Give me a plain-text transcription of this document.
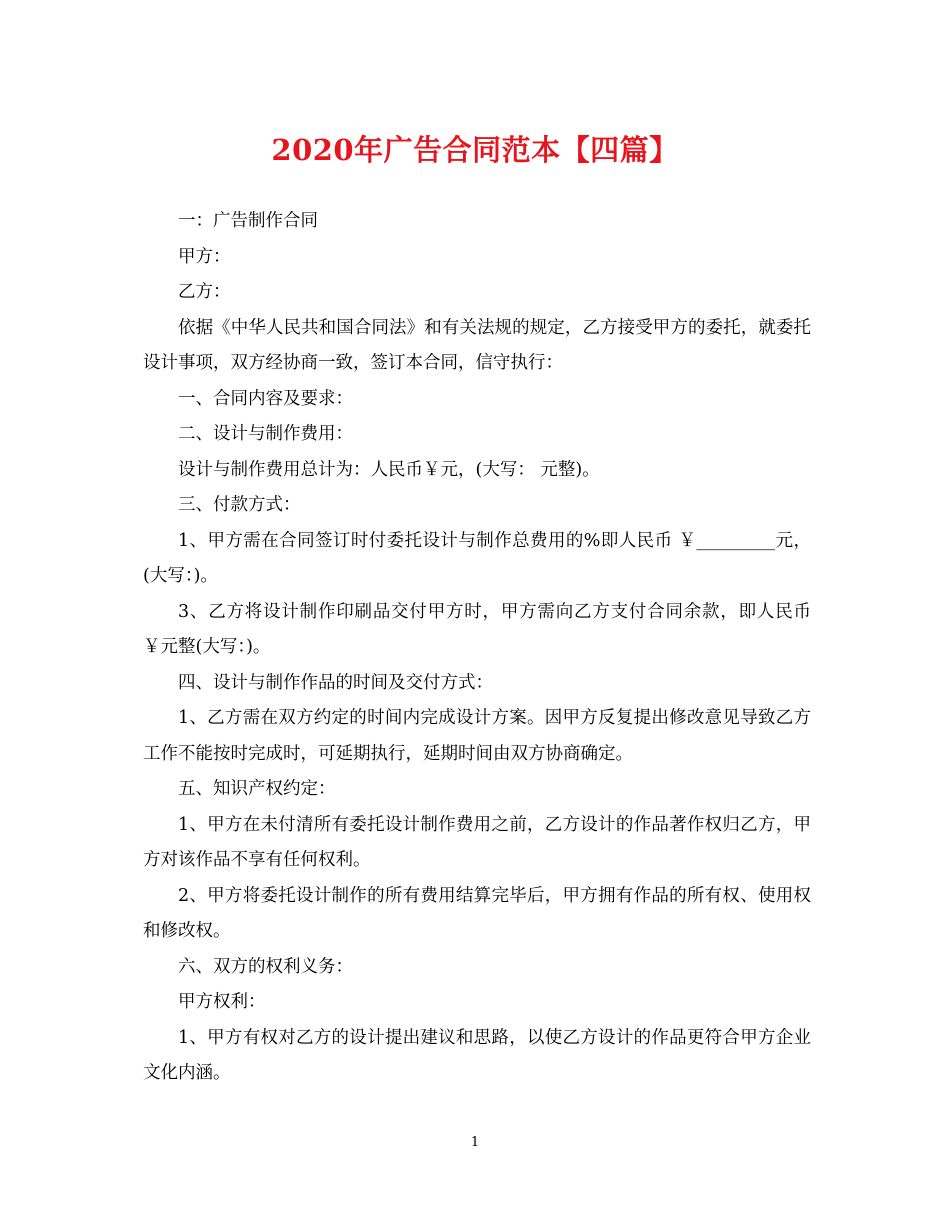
2020年广告合同范本【四篇】

一：广告制作合同

甲方：

乙方：

依据《中华人民共和国合同法》和有关法规的规定，乙方接受甲方的委托，就委托设计事项，双方经协商一致，签订本合同，信守执行：

一、合同内容及要求：

二、设计与制作费用：

设计与制作费用总计为：人民币￥元，(大写： 元整)。

三、付款方式：

1、甲方需在合同签订时付委托设计与制作总费用的%即人民币 ￥_________元，(大写：)。

3、乙方将设计制作印刷品交付甲方时，甲方需向乙方支付合同余款，即人民币￥元整(大写：)。

四、设计与制作作品的时间及交付方式：

1、乙方需在双方约定的时间内完成设计方案。因甲方反复提出修改意见导致乙方工作不能按时完成时，可延期执行，延期时间由双方协商确定。

五、知识产权约定：

1、甲方在未付清所有委托设计制作费用之前，乙方设计的作品著作权归乙方，甲方对该作品不享有任何权利。

2、甲方将委托设计制作的所有费用结算完毕后，甲方拥有作品的所有权、使用权和修改权。

六、双方的权利义务：

甲方权利：

1、甲方有权对乙方的设计提出建议和思路，以使乙方设计的作品更符合甲方企业文化内涵。

1
